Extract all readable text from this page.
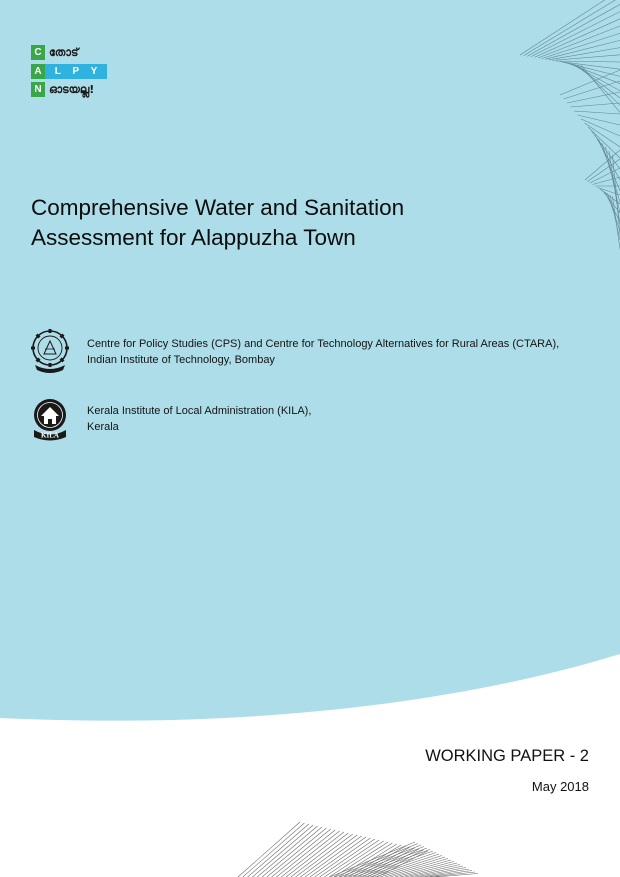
C തോട്
A	L P Y
N ഓടയല്ല!
Comprehensive Water and Sanitation
Assessment for Alappuzha Town
Centre for Policy Studies (CPS) and Centre for Technology Alternatives for Rural Areas (CTARA),
Indian Institute of Technology, Bombay
KILA
Kerala Institute of Local Administration (KILA),
Kerala
WORKING PAPER - 2
May 2018
